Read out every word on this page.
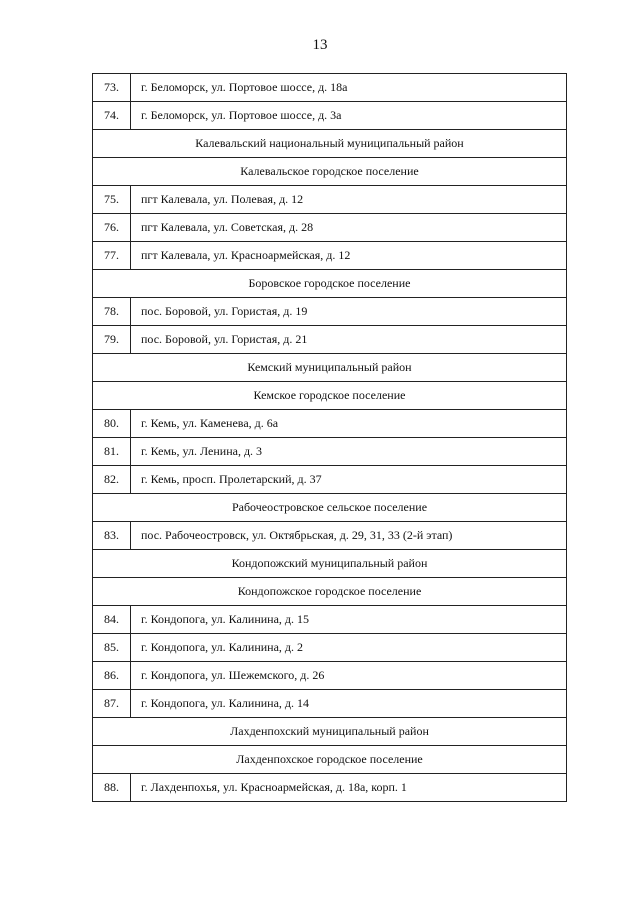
13
73.	г. Беломорск, ул. Портовое шоссе, д. 18а
74.	г. Беломорск, ул. Портовое шоссе, д. 3а
Калевальский национальный муниципальный район	
Калевальское городское поселение	
75.	пгт Калевала, ул. Полевая, д. 12
76.	пгт Калевала, ул. Советская, д. 28
77.	пгт Калевала, ул. Красноармейская, д. 12
Боровское городское поселение	
78.	пос. Боровой, ул. Гористая, д. 19
79.	пос. Боровой, ул. Гористая, д. 21
Кемский муниципальный район	
Кемское городское поселение	
80.	г. Кемь, ул. Каменева, д. 6а
81.	г. Кемь, ул. Ленина, д. 3
82.	г. Кемь, просп. Пролетарский, д. 37
Рабочеостровское сельское поселение	
83.	пос. Рабочеостровск, ул. Октябрьская, д. 29, 31, 33 (2-й этап)
Кондопожский муниципальный район	
Кондопожское городское поселение	
84.	г. Кондопога, ул. Калинина, д. 15
85.	г. Кондопога, ул. Калинина, д. 2
86.	г. Кондопога, ул. Шежемского, д. 26
87.	г. Кондопога, ул. Калинина, д. 14
Лахденпохский муниципальный район	
Лахденпохское городское поселение	
88.	г. Лахденпохья, ул. Красноармейская, д. 18а, корп. 1
